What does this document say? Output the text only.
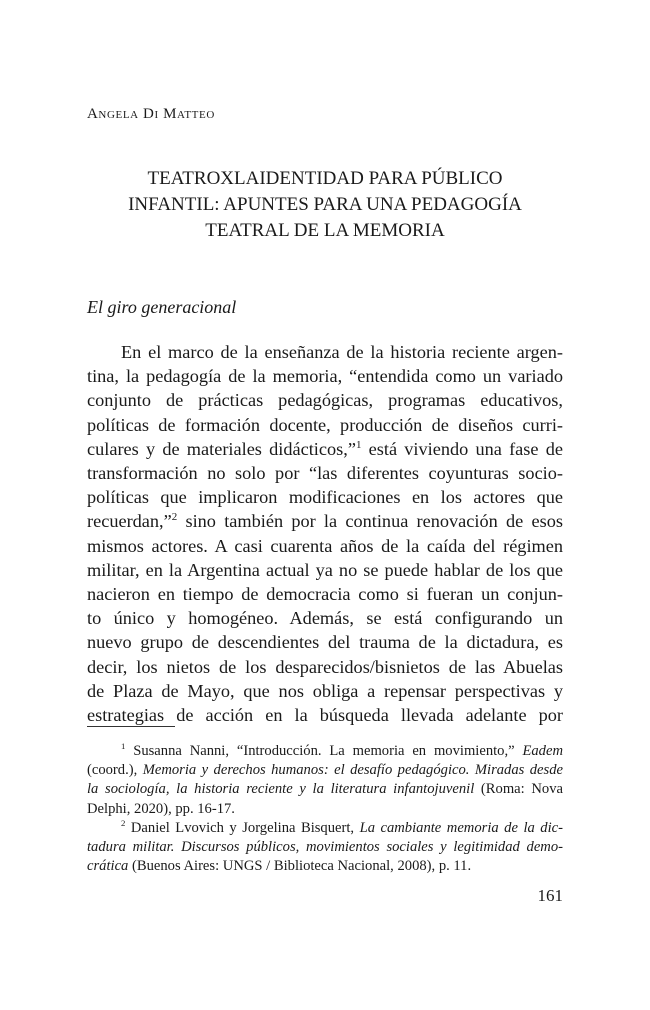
Angela Di Matteo
TEATROXLAIDENTIDAD PARA PÚBLICO
INFANTIL: APUNTES PARA UNA PEDAGOGÍA
TEATRAL DE LA MEMORIA
El giro generacional
En el marco de la enseñanza de la historia reciente argen-
tina, la pedagogía de la memoria, “entendida como un variado
conjunto de prácticas pedagógicas, programas educativos,
políticas de formación docente, producción de diseños curri-
culares y de materiales didácticos,”$^1$ está viviendo una fase de
transformación no solo por “las diferentes coyunturas socio-
políticas que implicaron modificaciones en los actores que
recuerdan,”$^2$ sino también por la continua renovación de esos
mismos actores. A casi cuarenta años de la caída del régimen
militar, en la Argentina actual ya no se puede hablar de los que
nacieron en tiempo de democracia como si fueran un conjun-
to único y homogéneo. Además, se está configurando un
nuevo grupo de descendientes del trauma de la dictadura, es
decir, los nietos de los desparecidos/bisnietos de las Abuelas
de Plaza de Mayo, que nos obliga a repensar perspectivas y
estrategias de acción en la búsqueda llevada adelante por
$^1$ Susanna Nanni, “Introducción. La memoria en movimiento,” Eadem
(coord.), Memoria y derechos humanos: el desafío pedagógico. Miradas desde
la sociología, la historia reciente y la literatura infantojuvenil (Roma: Nova
Delphi, 2020), pp. 16-17.
$^2$ Daniel Lvovich y Jorgelina Bisquert, La cambiante memoria de la dic-
tadura militar. Discursos públicos, movimientos sociales y legitimidad demo-
crática (Buenos Aires: UNGS / Biblioteca Nacional, 2008), p. 11.
161
